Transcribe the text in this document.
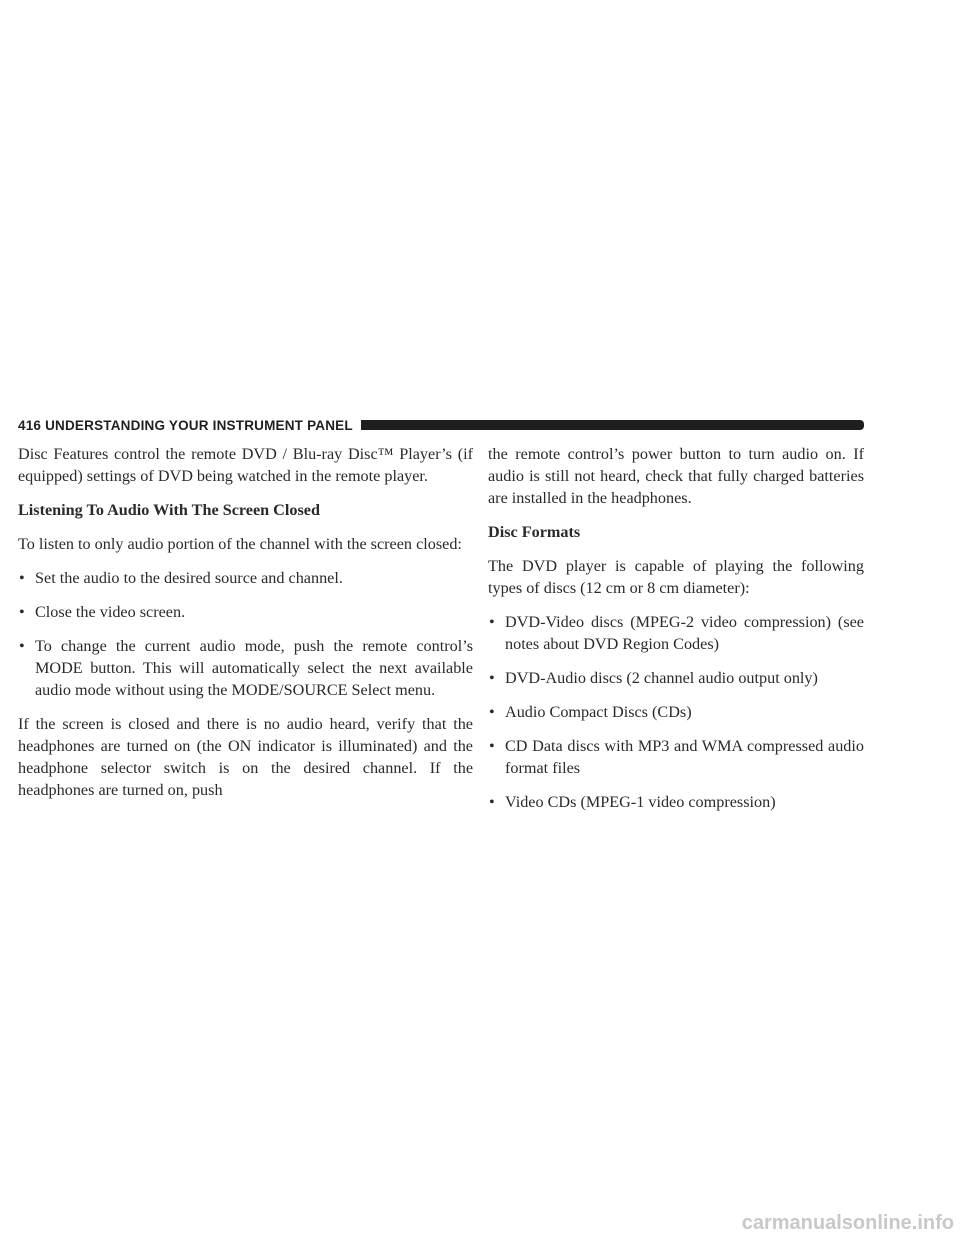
416 UNDERSTANDING YOUR INSTRUMENT PANEL

Disc Features control the remote DVD / Blu-ray Disc™ Player’s (if equipped) settings of DVD being watched in the remote player.

Listening To Audio With The Screen Closed

To listen to only audio portion of the channel with the screen closed:

• Set the audio to the desired source and channel.
• Close the video screen.
• To change the current audio mode, push the remote control’s MODE button. This will automatically select the next available audio mode without using the MODE/SOURCE Select menu.

If the screen is closed and there is no audio heard, verify that the headphones are turned on (the ON indicator is illuminated) and the headphone selector switch is on the desired channel. If the headphones are turned on, push

the remote control’s power button to turn audio on. If audio is still not heard, check that fully charged batteries are installed in the headphones.

Disc Formats

The DVD player is capable of playing the following types of discs (12 cm or 8 cm diameter):

• DVD-Video discs (MPEG-2 video compression) (see notes about DVD Region Codes)
• DVD-Audio discs (2 channel audio output only)
• Audio Compact Discs (CDs)
• CD Data discs with MP3 and WMA compressed audio format files
• Video CDs (MPEG-1 video compression)
carmanualsonline.info
